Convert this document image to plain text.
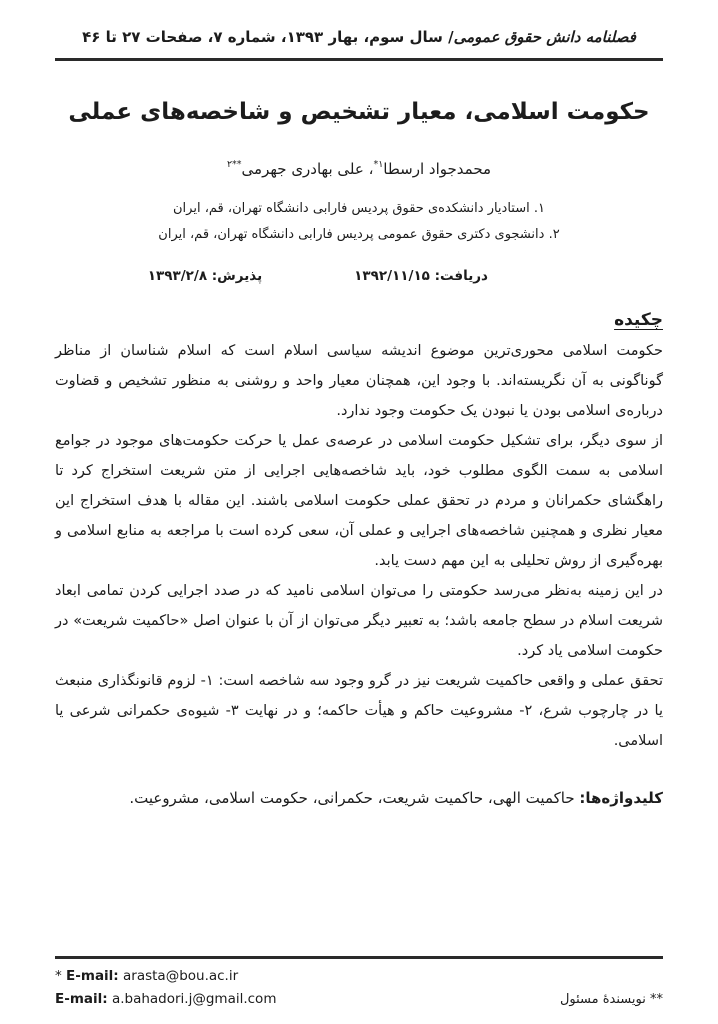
فصلنامه دانش حقوق عمومی/ سال سوم، بهار ۱۳۹۳، شماره ۷، صفحات ۲۷ تا ۴۶
حکومت اسلامی، معیار تشخیص و شاخصه‌های عملی
محمدجواد ارسطا$^{۱*}$، علی بهادری جهرمی$^{**۲}$
۱. استادیار دانشکده‌ی حقوق پردیس فارابی دانشگاه تهران، قم، ایران
۲. دانشجوی دکتری حقوق عمومی پردیس فارابی دانشگاه تهران، قم، ایران
دریافت: ۱۳۹۲/۱۱/۱۵
پذیرش: ۱۳۹۳/۲/۸
چکیده

حکومت اسلامی محوری‌ترین موضوع اندیشه سیاسی اسلام است که اسلام شناسان از مناظر گوناگونی به آن نگریسته‌اند. با وجود این، همچنان معیار واحد و روشنی به منظور تشخیص و قضاوت درباره‌ی اسلامی بودن یا نبودن یک حکومت وجود ندارد.

از سوی دیگر، برای تشکیل حکومت اسلامی در عرصه‌ی عمل یا حرکت حکومت‌های موجود در جوامع اسلامی به سمت الگوی مطلوب خود، باید شاخصه‌هایی اجرایی از متن شریعت استخراج کرد تا راهگشای حکمرانان و مردم در تحقق عملی حکومت اسلامی باشند. این مقاله با هدف استخراج این معیار نظری و همچنین شاخصه‌های اجرایی و عملی آن، سعی کرده است با مراجعه به منابع اسلامی و بهره‌گیری از روش تحلیلی به این مهم دست یابد.

در این زمینه به‌نظر می‌رسد حکومتی را می‌توان اسلامی نامید که در صدد اجرایی کردن تمامی ابعاد شریعت اسلام در سطح جامعه باشد؛ به تعبیر دیگر می‌توان از آن با عنوان اصل «حاکمیت شریعت» در حکومت اسلامی یاد کرد.

تحقق عملی و واقعی حاکمیت شریعت نیز در گرو وجود سه شاخصه است: ۱- لزوم قانونگذاری منبعث یا در چارچوب شرع، ۲- مشروعیت حاکم و هیأت حاکمه؛ و در نهایت ۳- شیوه‌ی حکمرانی شرعی یا اسلامی.

کلیدواژه‌ها: حاکمیت الهی، حاکمیت شریعت، حکمرانی، حکومت اسلامی، مشروعیت.
* E-mail: arasta@bou.ac.ir
E-mail: a.bahadori.j@gmail.com	** نویسندهٔ مسئول
